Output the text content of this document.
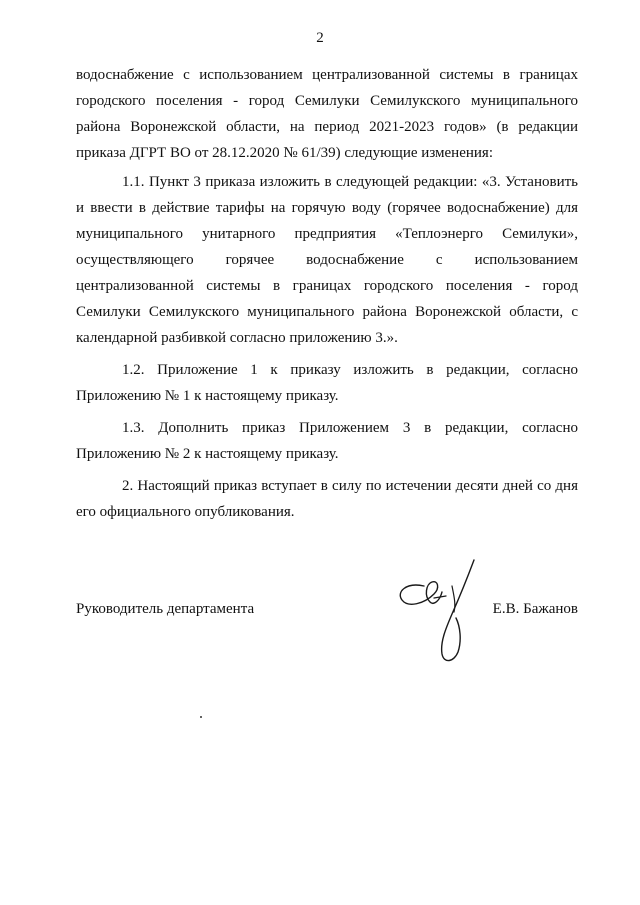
2

водоснабжение с использованием централизованной системы в границах городского поселения - город Семилуки Семилукского муниципального района Воронежской области, на период 2021-2023 годов» (в редакции приказа ДГРТ ВО от 28.12.2020 № 61/39) следующие изменения:

1.1. Пункт 3 приказа изложить в следующей редакции: «3. Установить и ввести в действие тарифы на горячую воду (горячее водоснабжение) для муниципального унитарного предприятия «Теплоэнерго Семилуки», осуществляющего горячее водоснабжение с использованием централизованной системы в границах городского поселения - город Семилуки Семилукского муниципального района Воронежской области, с календарной разбивкой согласно приложению 3.».

1.2. Приложение 1 к приказу изложить в редакции, согласно Приложению № 1 к настоящему приказу.

1.3. Дополнить приказ Приложением 3 в редакции, согласно Приложению № 2 к настоящему приказу.

2. Настоящий приказ вступает в силу по истечении десяти дней со дня его официального опубликования.

Руководитель департамента	Е.В. Бажанов
